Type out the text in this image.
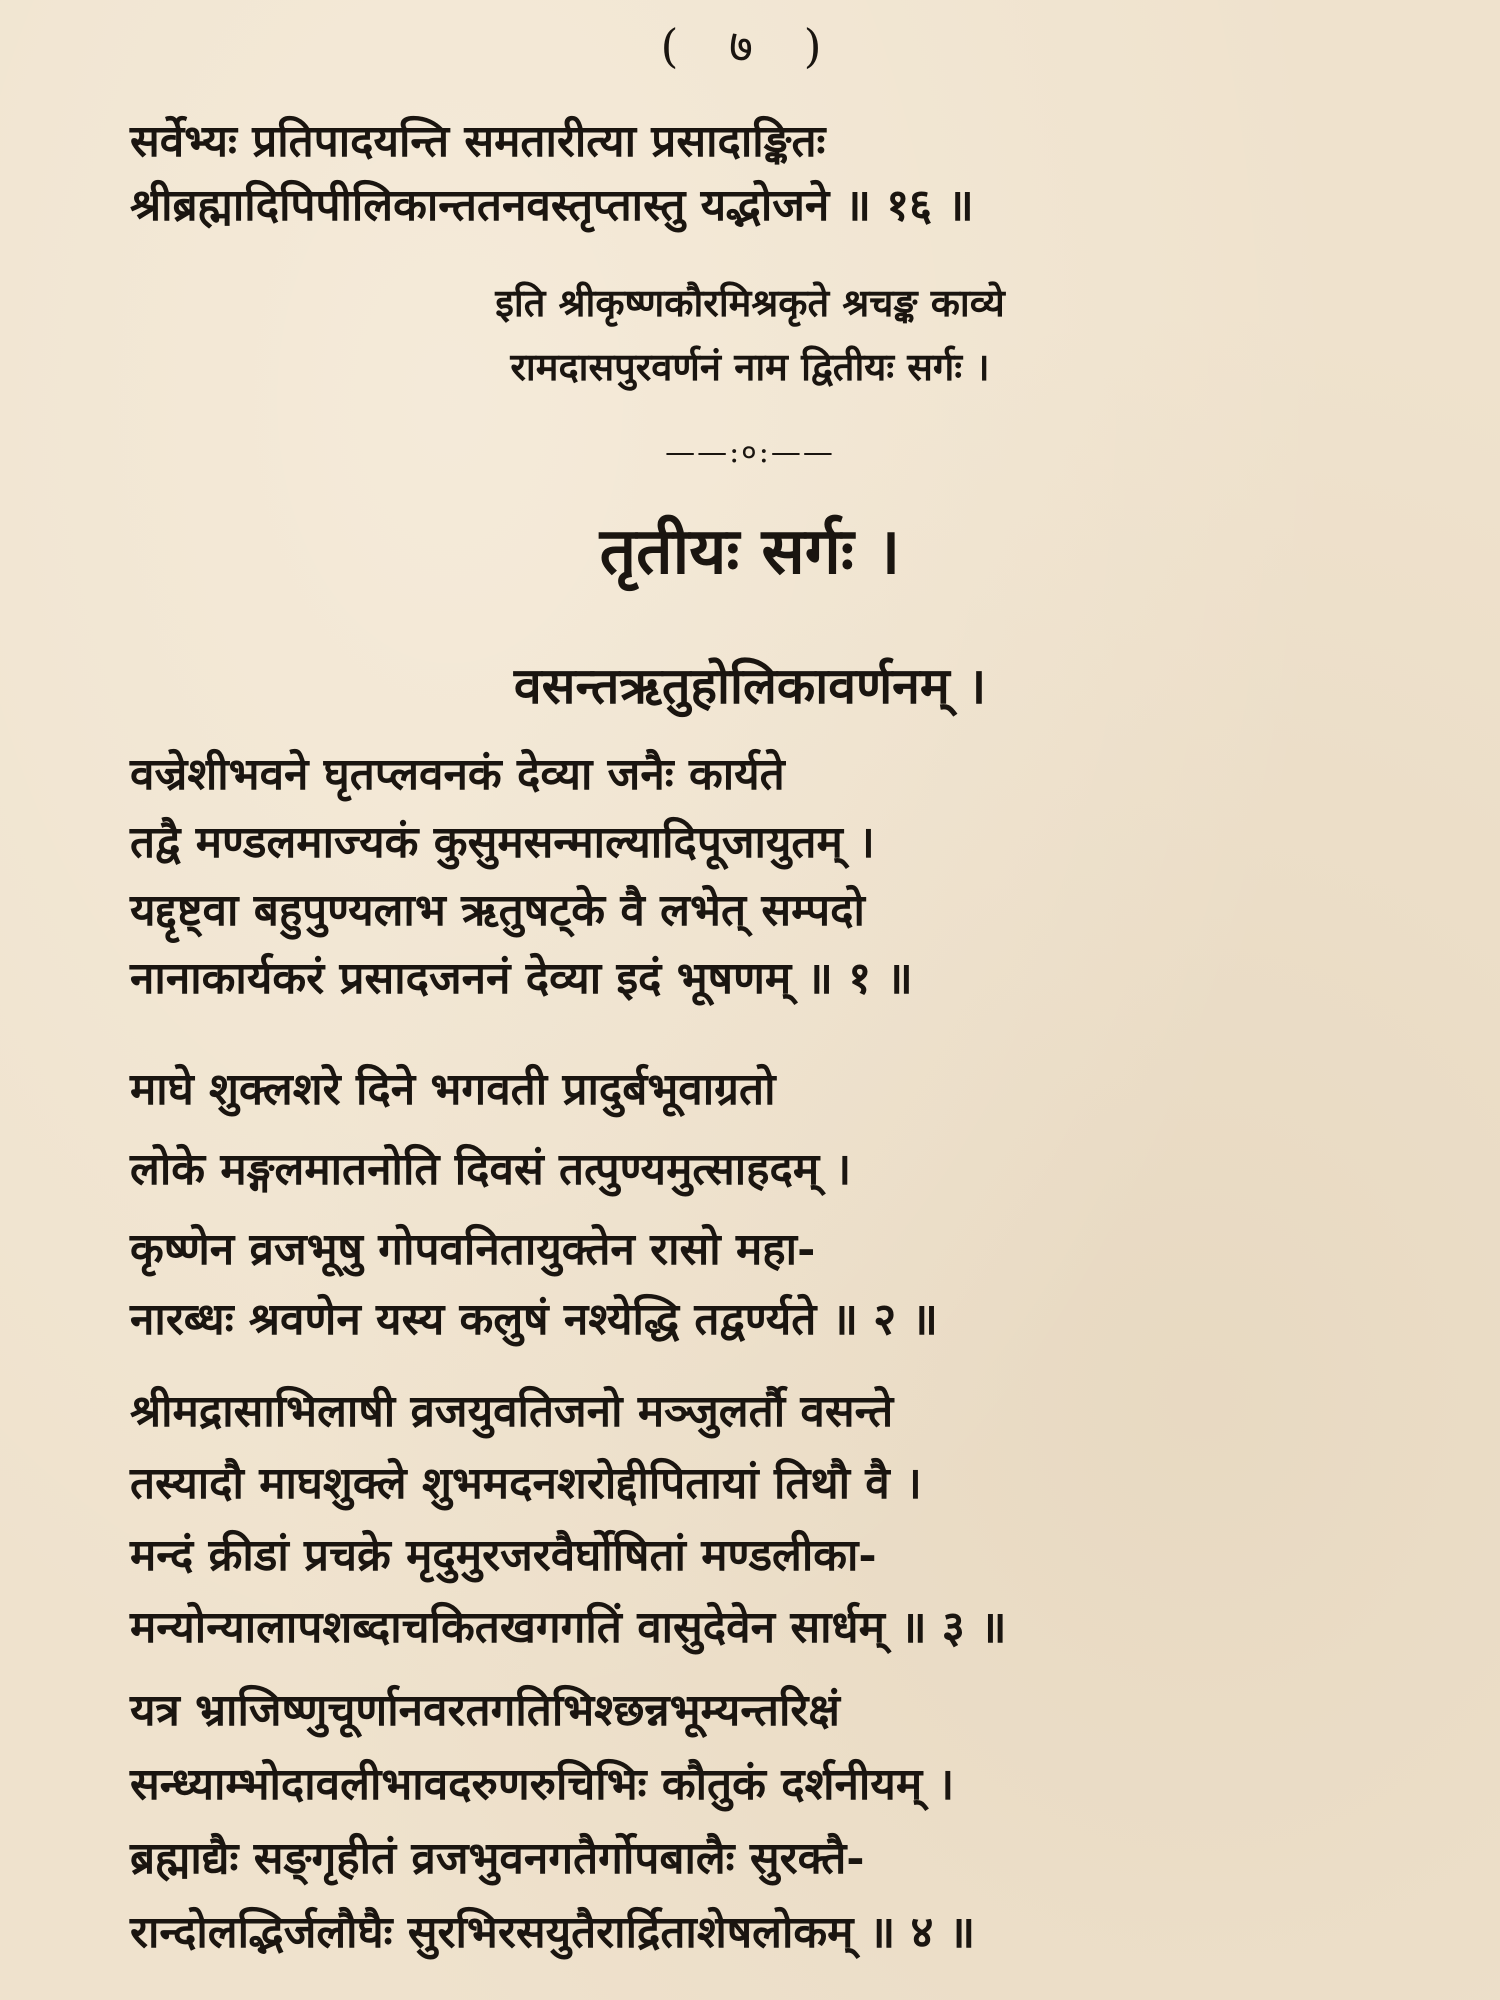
( ७ )
सर्वेभ्यः प्रतिपादयन्ति समतारीत्या प्रसादाङ्कितः
श्रीब्रह्मादिपिपीलिकान्ततनवस्तृप्तास्तु यद्भोजने ॥ १६ ॥
इति श्रीकृष्णकौरमिश्रकृते श्रचङ्क काव्ये
रामदासपुरवर्णनं नाम द्वितीयः सर्गः ।
——:०:——
तृतीयः सर्गः ।
वसन्तऋतुहोलिकावर्णनम् ।
वज्रेशीभवने घृतप्लवनकं देव्या जनैः कार्यते
तद्वै मण्डलमाज्यकं कुसुमसन्माल्यादिपूजायुतम् ।
यद्दृष्ट्वा बहुपुण्यलाभ ऋतुषट्के वै लभेत् सम्पदो
नानाकार्यकरं प्रसादजननं देव्या इदं भूषणम् ॥ १ ॥
माघे शुक्लशरे दिने भगवती प्रादुर्बभूवाग्रतो
लोके मङ्गलमातनोति दिवसं तत्पुण्यमुत्साहदम् ।
कृष्णेन व्रजभूषु गोपवनितायुक्तेन रासो महा-
नारब्धः श्रवणेन यस्य कलुषं नश्येद्धि तद्वर्ण्यते ॥ २ ॥
श्रीमद्रासाभिलाषी व्रजयुवतिजनो मञ्जुलर्तौ वसन्ते
तस्यादौ माघशुक्ले शुभमदनशरोद्दीपितायां तिथौ वै ।
मन्दं क्रीडां प्रचक्रे मृदुमुरजरवैर्घोषितां मण्डलीका-
मन्योन्यालापशब्दाचकितखगगतिं वासुदेवेन सार्धम् ॥ ३ ॥
यत्र भ्राजिष्णुचूर्णानवरतगतिभिश्छन्नभूम्यन्तरिक्षं
सन्ध्याम्भोदावलीभावदरुणरुचिभिः कौतुकं दर्शनीयम् ।
ब्रह्माद्यैः सङ्गृहीतं व्रजभुवनगतैर्गोपबालैः सुरक्तै-
रान्दोलद्भिर्जलौघैः सुरभिरसयुतैरार्द्रिताशेषलोकम् ॥ ४ ॥
